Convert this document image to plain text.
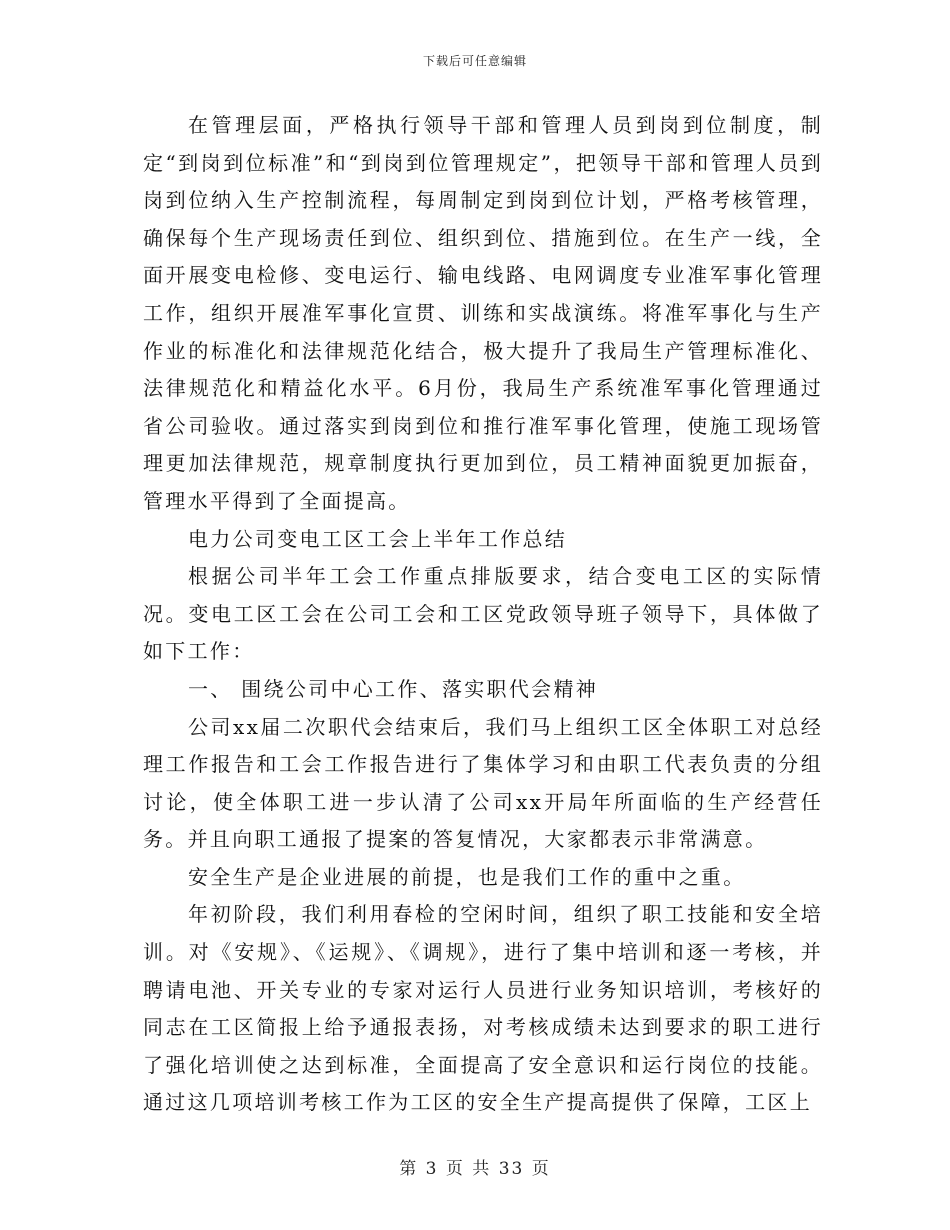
下载后可任意编辑

在管理层面，严格执行领导干部和管理人员到岗到位制度，制定“到岗到位标准”和“到岗到位管理规定”，把领导干部和管理人员到岗到位纳入生产控制流程，每周制定到岗到位计划，严格考核管理，确保每个生产现场责任到位、组织到位、措施到位。在生产一线，全面开展变电检修、变电运行、输电线路、电网调度专业准军事化管理工作，组织开展准军事化宣贯、训练和实战演练。将准军事化与生产作业的标准化和法律规范化结合，极大提升了我局生产管理标准化、法律规范化和精益化水平。6月份，我局生产系统准军事化管理通过省公司验收。通过落实到岗到位和推行准军事化管理，使施工现场管理更加法律规范，规章制度执行更加到位，员工精神面貌更加振奋，管理水平得到了全面提高。

电力公司变电工区工会上半年工作总结

根据公司半年工会工作重点排版要求，结合变电工区的实际情况。变电工区工会在公司工会和工区党政领导班子领导下，具体做了如下工作：

一、 围绕公司中心工作、落实职代会精神

公司xx届二次职代会结束后，我们马上组织工区全体职工对总经理工作报告和工会工作报告进行了集体学习和由职工代表负责的分组讨论，使全体职工进一步认清了公司xx开局年所面临的生产经营任务。并且向职工通报了提案的答复情况，大家都表示非常满意。

安全生产是企业进展的前提，也是我们工作的重中之重。

年初阶段，我们利用春检的空闲时间，组织了职工技能和安全培训。对《安规》、《运规》、《调规》，进行了集中培训和逐一考核，并聘请电池、开关专业的专家对运行人员进行业务知识培训，考核好的同志在工区简报上给予通报表扬，对考核成绩未达到要求的职工进行了强化培训使之达到标准，全面提高了安全意识和运行岗位的技能。通过这几项培训考核工作为工区的安全生产提高提供了保障，工区上

第 3 页 共 33 页
